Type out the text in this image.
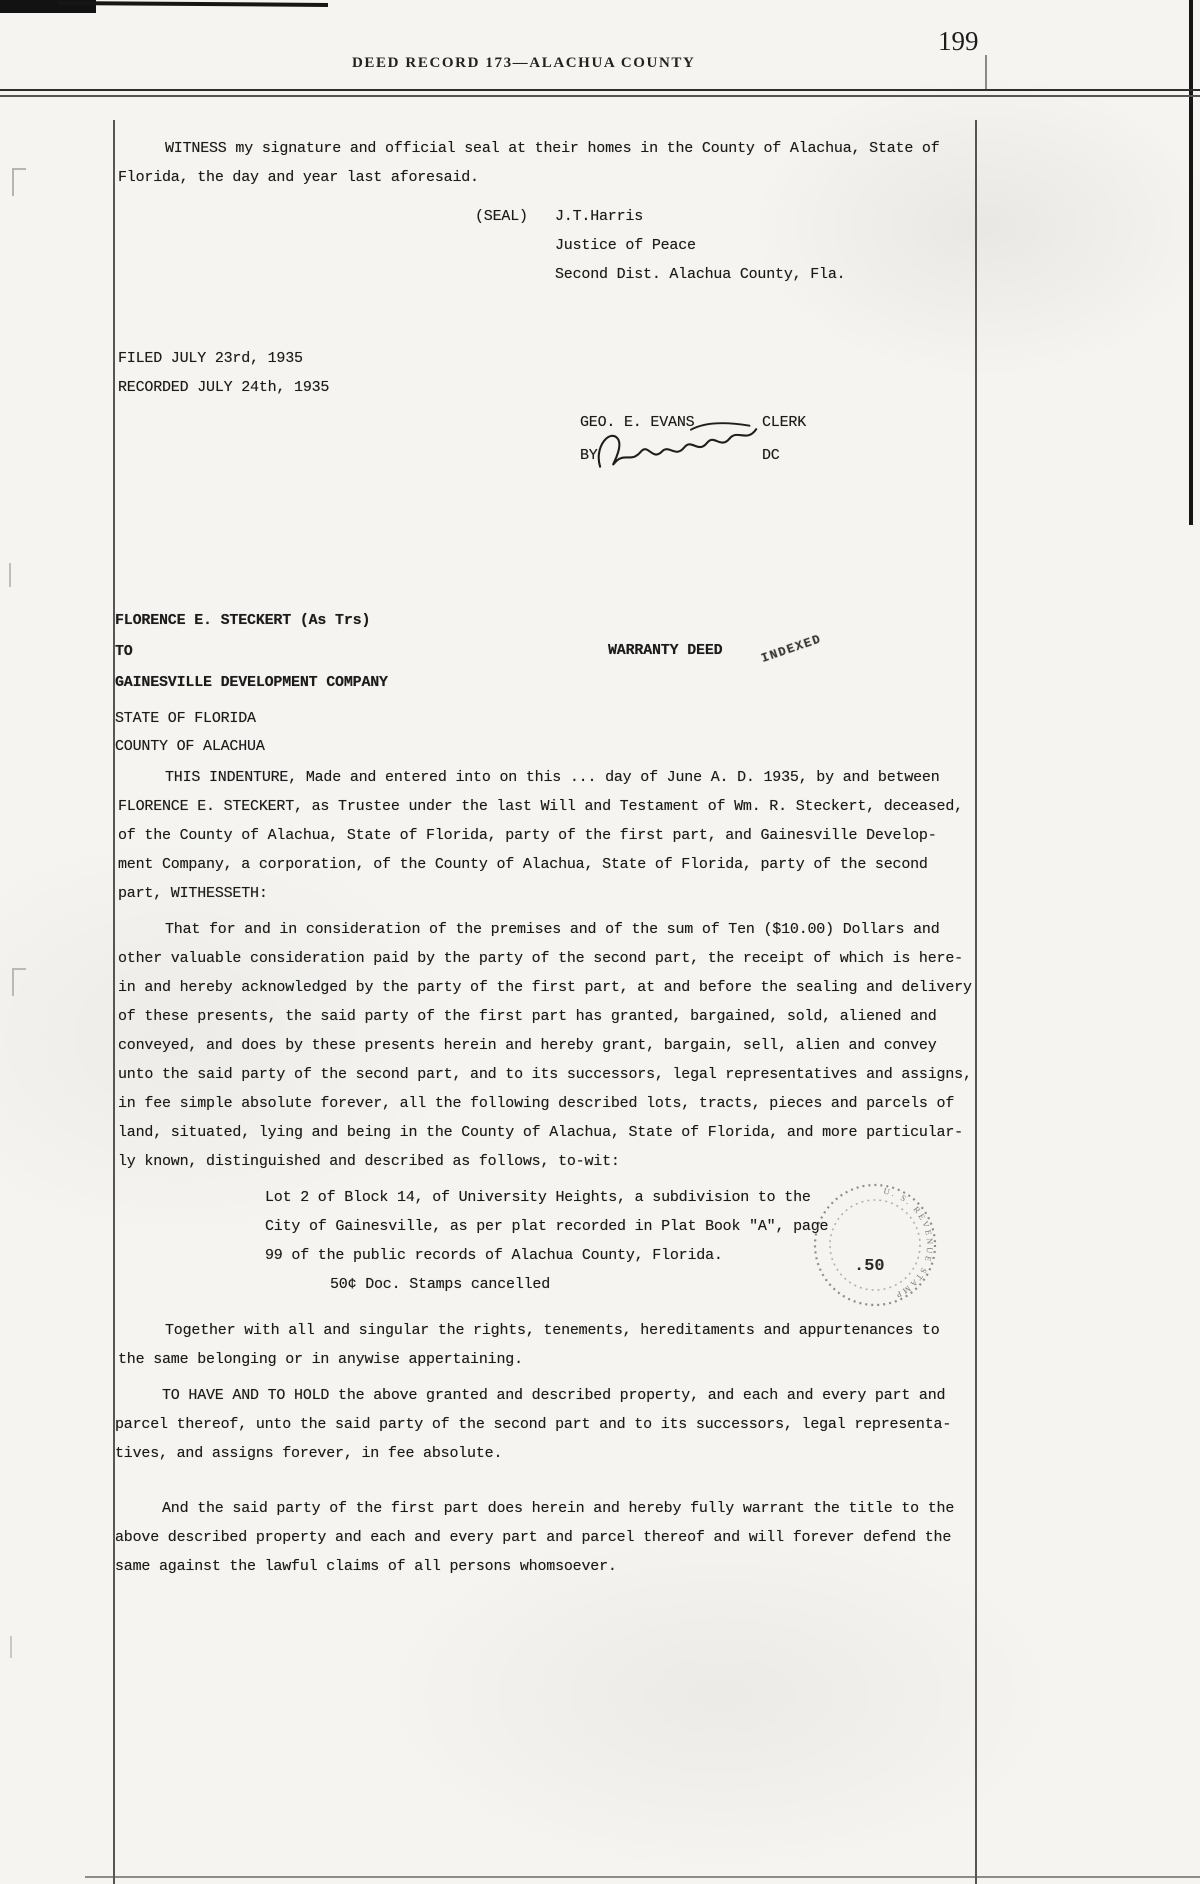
DEED RECORD 173—ALACHUA COUNTY
199
WITNESS my signature and official seal at their homes in the County of Alachua, State of
Florida, the day and year last aforesaid.
(SEAL) J.T.Harris
Justice of Peace
Second Dist. Alachua County, Fla.
FILED JULY 23rd, 1935
RECORDED JULY 24th, 1935
GEO. E. EVANS	CLERK
BY	DC
FLORENCE E. STECKERT (As Trs)
TO
GAINESVILLE DEVELOPMENT COMPANY
WARRANTY DEED	INDEXED
STATE OF FLORIDA
COUNTY OF ALACHUA
THIS INDENTURE, Made and entered into on this ... day of June A. D. 1935, by and between
FLORENCE E. STECKERT, as Trustee under the last Will and Testament of Wm. R. Steckert, deceased,
of the County of Alachua, State of Florida, party of the first part, and Gainesville Develop-
ment Company, a corporation, of the County of Alachua, State of Florida, party of the second
part, WITHESSETH:
That for and in consideration of the premises and of the sum of Ten ($10.00) Dollars and
other valuable consideration paid by the party of the second part, the receipt of which is here-
in and hereby acknowledged by the party of the first part, at and before the sealing and delivery
of these presents, the said party of the first part has granted, bargained, sold, aliened and
conveyed, and does by these presents herein and hereby grant, bargain, sell, alien and convey
unto the said party of the second part, and to its successors, legal representatives and assigns,
in fee simple absolute forever, all the following described lots, tracts, pieces and parcels of
land, situated, lying and being in the County of Alachua, State of Florida, and more particular-
ly known, distinguished and described as follows, to-wit:
Lot 2 of Block 14, of University Heights, a subdivision to the
City of Gainesville, as per plat recorded in Plat Book "A", page
99 of the public records of Alachua County, Florida.
50¢ Doc. Stamps cancelled
Together with all and singular the rights, tenements, hereditaments and appurtenances to
the same belonging or in anywise appertaining.
TO HAVE AND TO HOLD the above granted and described property, and each and every part and
parcel thereof, unto the said party of the second part and to its successors, legal representa-
tives, and assigns forever, in fee absolute.
And the said party of the first part does herein and hereby fully warrant the title to the
above described property and each and every part and parcel thereof and will forever defend the
same against the lawful claims of all persons whomsoever.
U. S. REVENUE STAMP
.50
